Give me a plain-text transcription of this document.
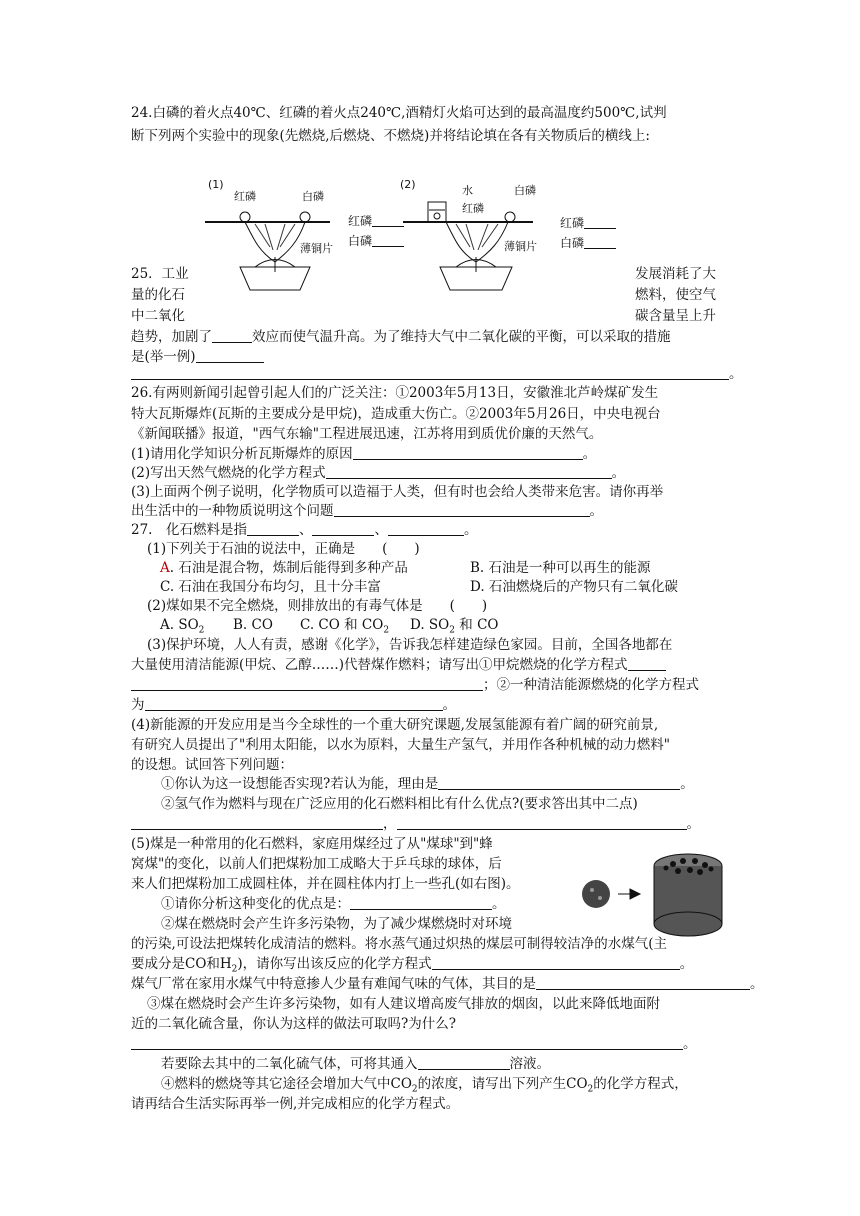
24.白磷的着火点40℃、红磷的着火点240℃,酒精灯火焰可达到的最高温度约500℃,试判
断下列两个实验中的现象(先燃烧,后燃烧、不燃烧)并将结论填在各有关物质后的横线上:
(1)
红磷	白磷
薄铜片
红磷
白磷
(2)	水
红磷
白磷
薄铜片
红磷
白磷
25．工业	发展消耗了大
量的化石	燃料，使空气
中二氧化	碳含量呈上升
趋势，加剧了	效应而使气温升高。为了维持大气中二氧化碳的平衡，可以采取的措施
是(举一例)
。
26.有两则新闻引起曾引起人们的广泛关注：①2003年5月13日，安徽淮北芦岭煤矿发生
特大瓦斯爆炸(瓦斯的主要成分是甲烷)，造成重大伤亡。②2003年5月26日，中央电视台
《新闻联播》报道，"西气东输"工程进展迅速，江苏将用到质优价廉的天然气。
(1)请用化学知识分析瓦斯爆炸的原因	。
(2)写出天然气燃烧的化学方程式	。
(3)上面两个例子说明，化学物质可以造福于人类，但有时也会给人类带来危害。请你再举
出生活中的一种物质说明这个问题	。
27.　化石燃料是指	、	、	。
(1)下列关于石油的说法中，正确是　　(　　)
A. 石油是混合物，炼制后能得到多种产品	B. 石油是一种可以再生的能源
C. 石油在我国分布均匀，且十分丰富	D. 石油燃烧后的产物只有二氧化碳
(2)煤如果不完全燃烧，则排放出的有毒气体是　　(　　)
A. $SO_2$ B. CO C. CO 和 $CO_2$ D. $SO_2$ 和 CO
(3)保护环境，人人有责，感谢《化学》，告诉我怎样建造绿色家园。目前，全国各地都在
大量使用清洁能源(甲烷、乙醇……)代替煤作燃料；请写出①甲烷燃烧的化学方程式
；②一种清洁能源燃烧的化学方程式
为	。
(4)新能源的开发应用是当今全球性的一个重大研究课题,发展氢能源有着广阔的研究前景,
有研究人员提出了"利用太阳能，以水为原料，大量生产氢气，并用作各种机械的动力燃料"
的设想。试回答下列问题：
①你认为这一设想能否实现?若认为能，理由是	。
②氢气作为燃料与现在广泛应用的化石燃料相比有什么优点?(要求答出其中二点)
，	。
(5)煤是一种常用的化石燃料，家庭用煤经过了从"煤球"到"蜂
窝煤"的变化，以前人们把煤粉加工成略大于乒乓球的球体，后
来人们把煤粉加工成圆柱体，并在圆柱体内打上一些孔(如右图)。
①请你分析这种变化的优点是：	。
②煤在燃烧时会产生许多污染物，为了减少煤燃烧时对环境
的污染,可设法把煤转化成清洁的燃料。将水蒸气通过炽热的煤层可制得较洁净的水煤气(主
要成分是CO和$H_2$)，请你写出该反应的化学方程式	。
煤气厂常在家用水煤气中特意掺人少量有难闻气味的气体，其目的是	。
③煤在燃烧时会产生许多污染物，如有人建议增高废气排放的烟囱，以此来降低地面附
近的二氧化硫含量，你认为这样的做法可取吗?为什么?
。
若要除去其中的二氧化硫气体，可将其通入	溶液。
④燃料的燃烧等其它途径会增加大气中$CO_2$的浓度，请写出下列产生$CO_2$的化学方程式，
请再结合生活实际再举一例,并完成相应的化学方程式。
